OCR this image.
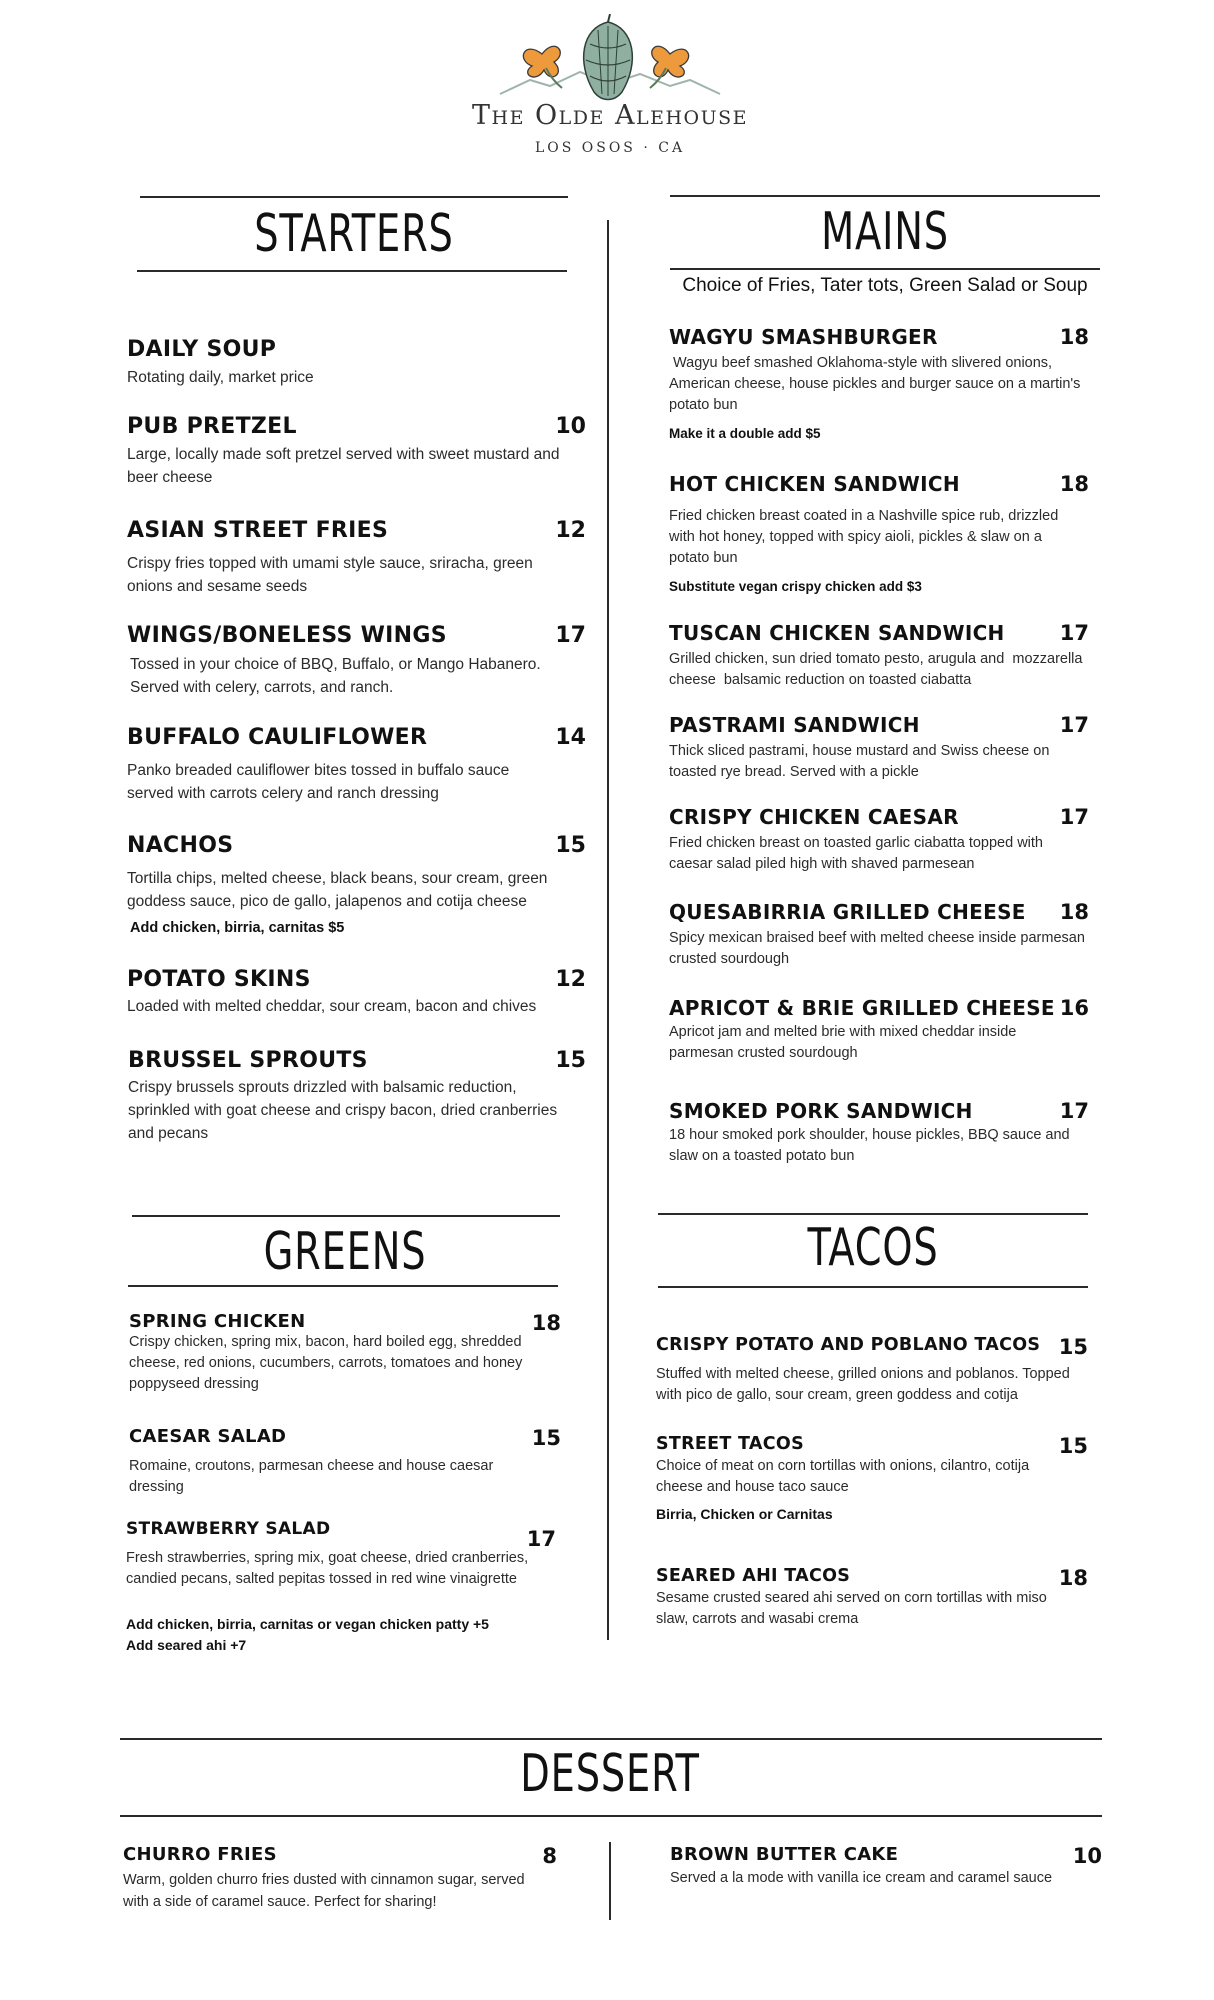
The Olde Alehouse
LOS OSOS · CA
STARTERS
DAILY SOUP
Rotating daily, market price
PUB PRETZEL	10
Large, locally made soft pretzel served with sweet mustard and beer cheese
ASIAN STREET FRIES	12
Crispy fries topped with umami style sauce, sriracha, green onions and sesame seeds
WINGS/BONELESS WINGS	17
Tossed in your choice of BBQ, Buffalo, or Mango Habanero. Served with celery, carrots, and ranch.
BUFFALO CAULIFLOWER	14
Panko breaded cauliflower bites tossed in buffalo sauce served with carrots celery and ranch dressing
NACHOS	15
Tortilla chips, melted cheese, black beans, sour cream, green goddess sauce, pico de gallo, jalapenos and cotija cheese
Add chicken, birria, carnitas $5
POTATO SKINS	12
Loaded with melted cheddar, sour cream, bacon and chives
BRUSSEL SPROUTS	15
Crispy brussels sprouts drizzled with balsamic reduction, sprinkled with goat cheese and crispy bacon, dried cranberries and pecans
MAINS
Choice of Fries, Tater tots, Green Salad or Soup
WAGYU SMASHBURGER	18
Wagyu beef smashed Oklahoma-style with slivered onions, American cheese, house pickles and burger sauce on a martin's potato bun
Make it a double add $5
HOT CHICKEN SANDWICH	18
Fried chicken breast coated in a Nashville spice rub, drizzled with hot honey, topped with spicy aioli, pickles & slaw on a potato bun
Substitute vegan crispy chicken add $3
TUSCAN CHICKEN SANDWICH	17
Grilled chicken, sun dried tomato pesto, arugula and  mozzarella cheese  balsamic reduction on toasted ciabatta
PASTRAMI SANDWICH	17
Thick sliced pastrami, house mustard and Swiss cheese on toasted rye bread. Served with a pickle
CRISPY CHICKEN CAESAR	17
Fried chicken breast on toasted garlic ciabatta topped with caesar salad piled high with shaved parmesean
QUESABIRRIA GRILLED CHEESE	18
Spicy mexican braised beef with melted cheese inside parmesan crusted sourdough
APRICOT & BRIE GRILLED CHEESE 16
Apricot jam and melted brie with mixed cheddar inside parmesan crusted sourdough
SMOKED PORK SANDWICH	17
18 hour smoked pork shoulder, house pickles, BBQ sauce and slaw on a toasted potato bun
GREENS
SPRING CHICKEN	18
Crispy chicken, spring mix, bacon, hard boiled egg, shredded cheese, red onions, cucumbers, carrots, tomatoes and honey poppyseed dressing
CAESAR SALAD	15
Romaine, croutons, parmesan cheese and house caesar dressing
STRAWBERRY SALAD	17
Fresh strawberries, spring mix, goat cheese, dried cranberries, candied pecans, salted pepitas tossed in red wine vinaigrette
Add chicken, birria, carnitas or vegan chicken patty +5
Add seared ahi +7
TACOS
CRISPY POTATO AND POBLANO TACOS 15
Stuffed with melted cheese, grilled onions and poblanos. Topped with pico de gallo, sour cream, green goddess and cotija
STREET TACOS	15
Choice of meat on corn tortillas with onions, cilantro, cotija cheese and house taco sauce
Birria, Chicken or Carnitas
SEARED AHI TACOS	18
Sesame crusted seared ahi served on corn tortillas with miso slaw, carrots and wasabi crema
DESSERT
CHURRO FRIES	8
Warm, golden churro fries dusted with cinnamon sugar, served with a side of caramel sauce. Perfect for sharing!
BROWN BUTTER CAKE	10
Served a la mode with vanilla ice cream and caramel sauce
